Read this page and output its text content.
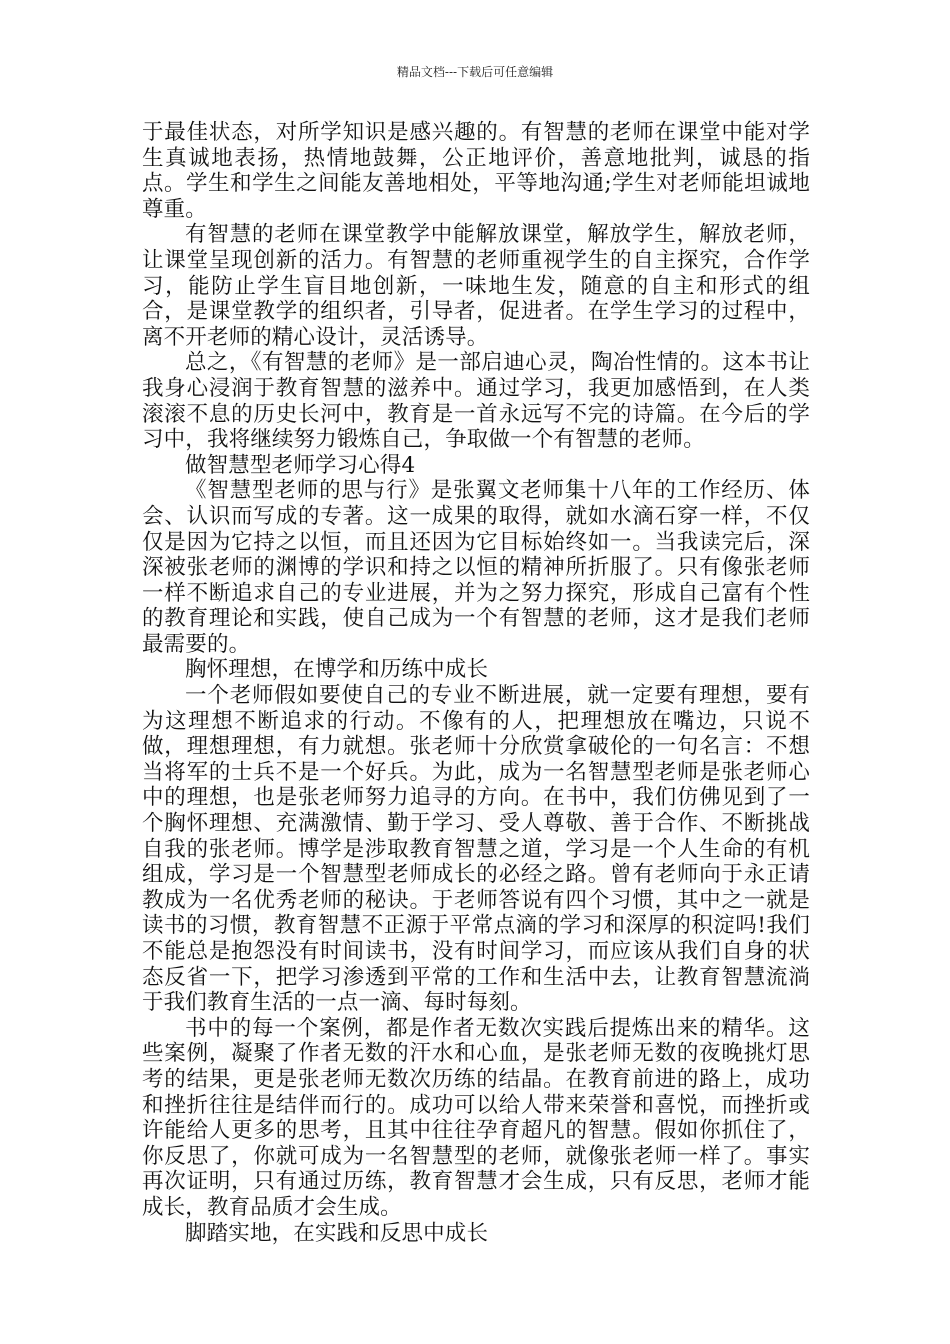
精品文档---下载后可任意编辑

于最佳状态，对所学知识是感兴趣的。有智慧的老师在课堂中能对学生真诚地表扬，热情地鼓舞，公正地评价，善意地批判，诚恳的指点。学生和学生之间能友善地相处，平等地沟通;学生对老师能坦诚地尊重。

有智慧的老师在课堂教学中能解放课堂，解放学生，解放老师，让课堂呈现创新的活力。有智慧的老师重视学生的自主探究，合作学习，能防止学生盲目地创新，一味地生发，随意的自主和形式的组合，是课堂教学的组织者，引导者，促进者。在学生学习的过程中，离不开老师的精心设计，灵活诱导。

总之，《有智慧的老师》是一部启迪心灵，陶冶性情的。这本书让我身心浸润于教育智慧的滋养中。通过学习，我更加感悟到，在人类滚滚不息的历史长河中，教育是一首永远写不完的诗篇。在今后的学习中，我将继续努力锻炼自己，争取做一个有智慧的老师。

做智慧型老师学习心得4

《智慧型老师的思与行》是张翼文老师集十八年的工作经历、体会、认识而写成的专著。这一成果的取得，就如水滴石穿一样，不仅仅是因为它持之以恒，而且还因为它目标始终如一。当我读完后，深深被张老师的渊博的学识和持之以恒的精神所折服了。只有像张老师一样不断追求自己的专业进展，并为之努力探究，形成自己富有个性的教育理论和实践，使自己成为一个有智慧的老师，这才是我们老师最需要的。

胸怀理想，在博学和历练中成长

一个老师假如要使自己的专业不断进展，就一定要有理想，要有为这理想不断追求的行动。不像有的人，把理想放在嘴边，只说不做，理想理想，有力就想。张老师十分欣赏拿破伦的一句名言：不想当将军的士兵不是一个好兵。为此，成为一名智慧型老师是张老师心中的理想，也是张老师努力追寻的方向。在书中，我们仿佛见到了一个胸怀理想、充满激情、勤于学习、受人尊敬、善于合作、不断挑战自我的张老师。博学是涉取教育智慧之道，学习是一个人生命的有机组成，学习是一个智慧型老师成长的必经之路。曾有老师向于永正请教成为一名优秀老师的秘诀。于老师答说有四个习惯，其中之一就是读书的习惯，教育智慧不正源于平常点滴的学习和深厚的积淀吗!我们不能总是抱怨没有时间读书，没有时间学习，而应该从我们自身的状态反省一下，把学习渗透到平常的工作和生活中去，让教育智慧流淌于我们教育生活的一点一滴、每时每刻。

书中的每一个案例，都是作者无数次实践后提炼出来的精华。这些案例，凝聚了作者无数的汗水和心血，是张老师无数的夜晚挑灯思考的结果，更是张老师无数次历练的结晶。在教育前进的路上，成功和挫折往往是结伴而行的。成功可以给人带来荣誉和喜悦，而挫折或许能给人更多的思考，且其中往往孕育超凡的智慧。假如你抓住了，你反思了，你就可成为一名智慧型的老师，就像张老师一样了。事实再次证明，只有通过历练，教育智慧才会生成，只有反思，老师才能成长，教育品质才会生成。

脚踏实地，在实践和反思中成长
